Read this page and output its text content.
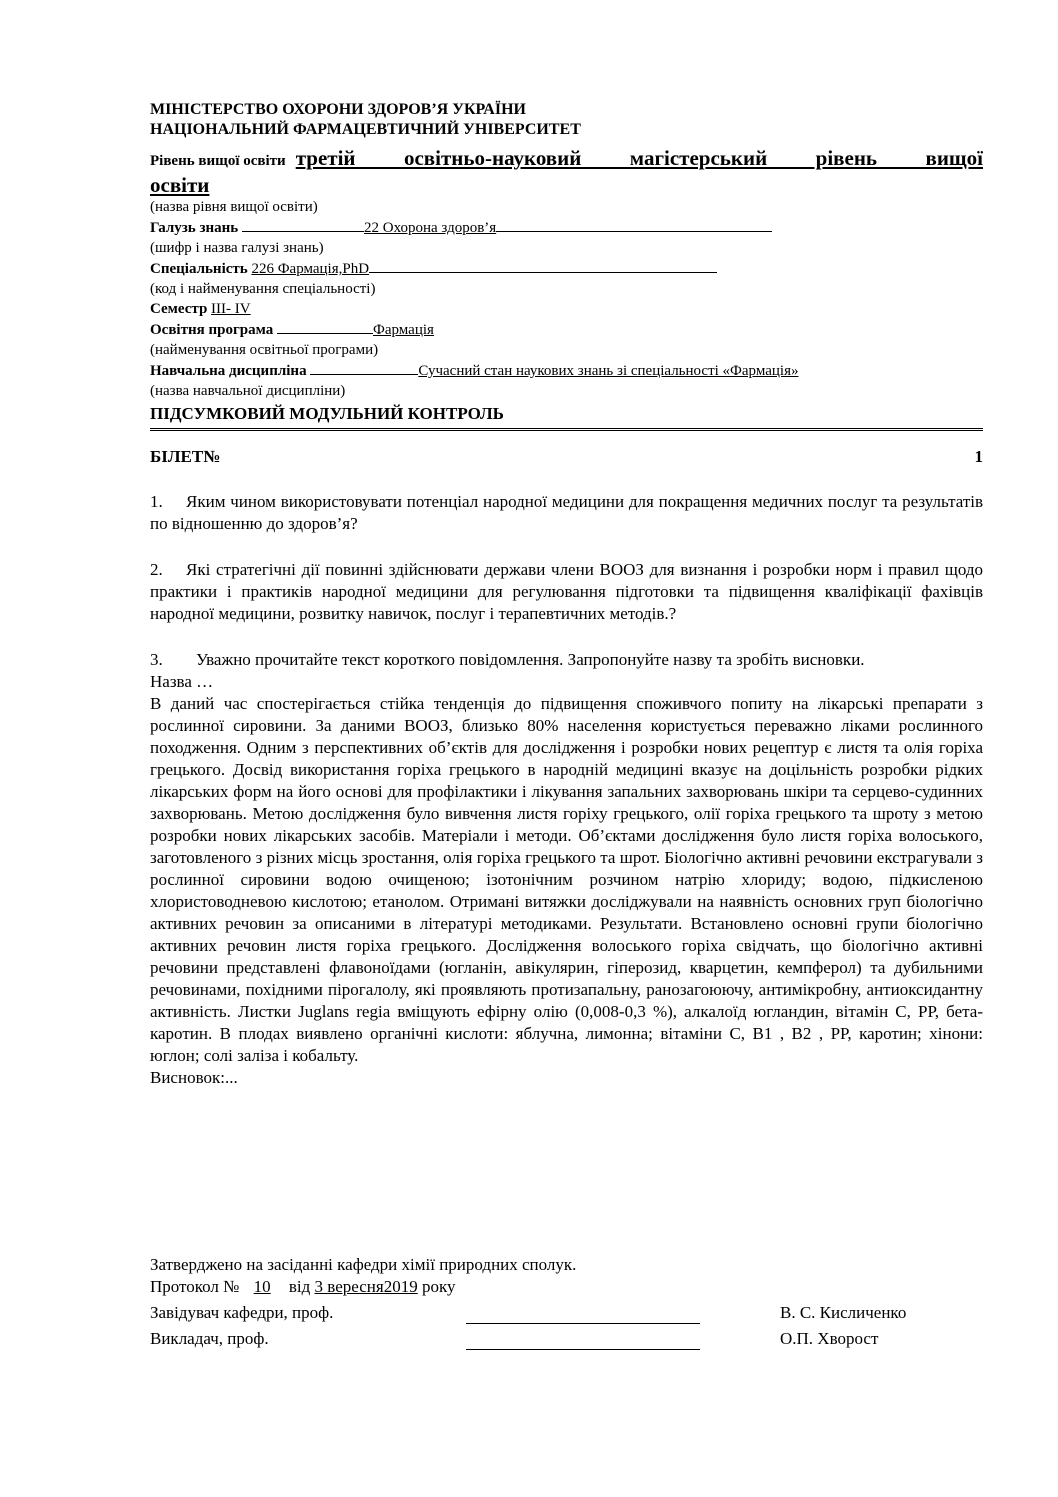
МІНІСТЕРСТВО ОХОРОНИ ЗДОРОВ’Я УКРАЇНИ
НАЦІОНАЛЬНИЙ ФАРМАЦЕВТИЧНИЙ УНІВЕРСИТЕТ
Рівень вищої освіти третій освітньо-науковий магістерський рівень вищої
освіти
(назва рівня вищої освіти)
Галузь знань	22 Охорона здоров’я
(шифр і назва галузі знань)
Спеціальність 226 Фармація,PhD
(код і найменування спеціальності)
Семестр ІІІ- IV
Освітня програма	Фармація
(найменування освітньої програми)
Навчальна дисципліна	Сучасний стан наукових знань зі спеціальності «Фармація»
(назва навчальної дисципліни)
ПІДСУМКОВИЙ МОДУЛЬНИЙ КОНТРОЛЬ
БІЛЕТ№	1
1. Яким чином використовувати потенціал народної медицини для покращення медичних послуг та результатів по відношенню до здоров’я?
2. Які стратегічні дії повинні здійснювати держави члени ВООЗ для визнання і розробки норм і правил щодо практики і практиків народної медицини для регулювання підготовки та підвищення кваліфікації фахівців народної медицини, розвитку навичок, послуг і терапевтичних методів.?
3. Уважно прочитайте текст короткого повідомлення. Запропонуйте назву та зробіть висновки.
Назва …
В даний час спостерігається стійка тенденція до підвищення споживчого попиту на лікарські препарати з рослинної сировини. За даними ВООЗ, близько 80% населення користується переважно ліками рослинного походження. Одним з перспективних об’єктів для дослідження і розробки нових рецептур є листя та олія горіха грецького. Досвід використання горіха грецького в народній медицині вказує на доцільність розробки рідких лікарських форм на його основі для профілактики і лікування запальних захворювань шкіри та серцево-судинних захворювань. Метою дослідження було вивчення листя горіху грецького, олії горіха грецького та шроту з метою розробки нових лікарських засобів. Матеріали і методи. Об’єктами дослідження було листя горіха волоського, заготовленого з різних місць зростання, олія горіха грецького та шрот. Біологічно активні речовини екстрагували з рослинної сировини водою очищеною; ізотонічним розчином натрію хлориду; водою, підкисленою хлористоводневою кислотою; етанолом. Отримані витяжки досліджували на наявність основних груп біологічно активних речовин за описаними в літературі методиками. Результати. Встановлено основні групи біологічно активних речовин листя горіха грецького. Дослідження волоського горіха свідчать, що біологічно активні речовини представлені флавоноїдами (югланін, авікулярин, гіперозид, кварцетин, кемпферол) та дубильними речовинами, похідними пірогалолу, які проявляють протизапальну, ранозагоюючу, антимікробну, антиоксидантну активність. Листки Juglans regia вміщують ефірну олію (0,008-0,3 %), алкалоїд югландин, вітамін С, РР, бета-каротин. В плодах виявлено органічні кислоти: яблучна, лимонна; вітаміни С, В1 , В2 , РР, каротин; хінони: юглон; солі заліза і кобальту.
Висновок:...
Затверджено на засіданні кафедри хімії природних сполук.
Протокол № 10 від 3 вересня2019 року
Завідувач кафедри, проф.	В. С. Кисличенко
Викладач, проф.	О.П. Хворост
